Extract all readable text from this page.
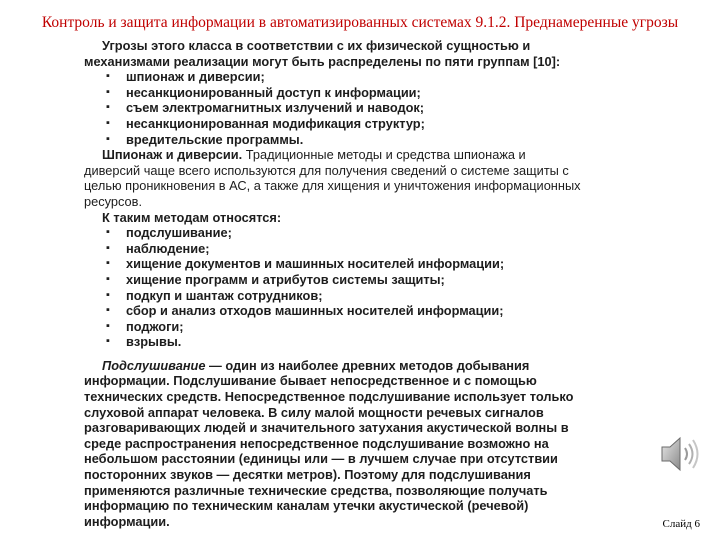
Контроль и защита информации в автоматизированных системах 9.1.2. Преднамеренные угрозы

Угрозы этого класса в соответствии с их физической сущностью и механизмами реализации могут быть распределены по пяти группам [10]:

▪ шпионаж и диверсии;
▪ несанкционированный доступ к информации;
▪ съем электромагнитных излучений и наводок;
▪ несанкционированная модификация структур;
▪ вредительские программы.

Шпионаж и диверсии. Традиционные методы и средства шпионажа и диверсий чаще всего используются для получения сведений о системе защиты с целью проникновения в АС, а также для хищения и уничтожения информационных ресурсов.

К таким методам относятся:

▪ подслушивание;
▪ наблюдение;
▪ хищение документов и машинных носителей информации;
▪ хищение программ и атрибутов системы защиты;
▪ подкуп и шантаж сотрудников;
▪ сбор и анализ отходов машинных носителей информации;
▪ поджоги;
▪ взрывы.

Подслушивание — один из наиболее древних методов добывания информации. Подслушивание бывает непосредственное и с помощью технических средств. Непосредственное подслушивание использует только слуховой аппарат человека. В силу малой мощности речевых сигналов разговаривающих людей и значительного затухания акустической волны в среде распространения непосредственное подслушивание возможно на небольшом расстоянии (единицы или — в лучшем случае при отсутствии посторонних звуков — десятки метров). Поэтому для подслушивания применяются различные технические средства, позволяющие получать информацию по техническим каналам утечки акустической (речевой) информации.	Слайд 6
